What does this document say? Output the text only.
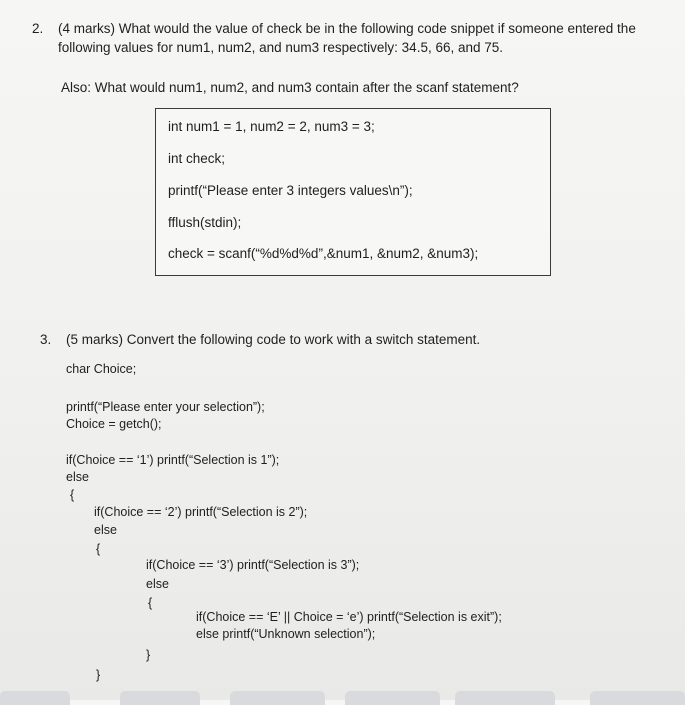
2. (4 marks) What would the value of check be in the following code snippet if someone entered the
following values for num1, num2, and num3 respectively: 34.5, 66, and 75.
Also: What would num1, num2, and num3 contain after the scanf statement?
int num1 = 1, num2 = 2, num3 = 3;
int check;
printf(“Please enter 3 integers values\n”);
fflush(stdin);
check = scanf(“%d%d%d”,&num1, &num2, &num3);
3. (5 marks) Convert the following code to work with a switch statement.
char Choice;
printf(“Please enter your selection”);
Choice = getch();
if(Choice == ‘1’) printf(“Selection is 1”);
else
{
if(Choice == ‘2’) printf(“Selection is 2”);
else
{
if(Choice == ‘3’) printf(“Selection is 3”);
else
{
if(Choice == ‘E’ || Choice = ‘e’) printf(“Selection is exit”);
else printf(“Unknown selection”);
}
}
